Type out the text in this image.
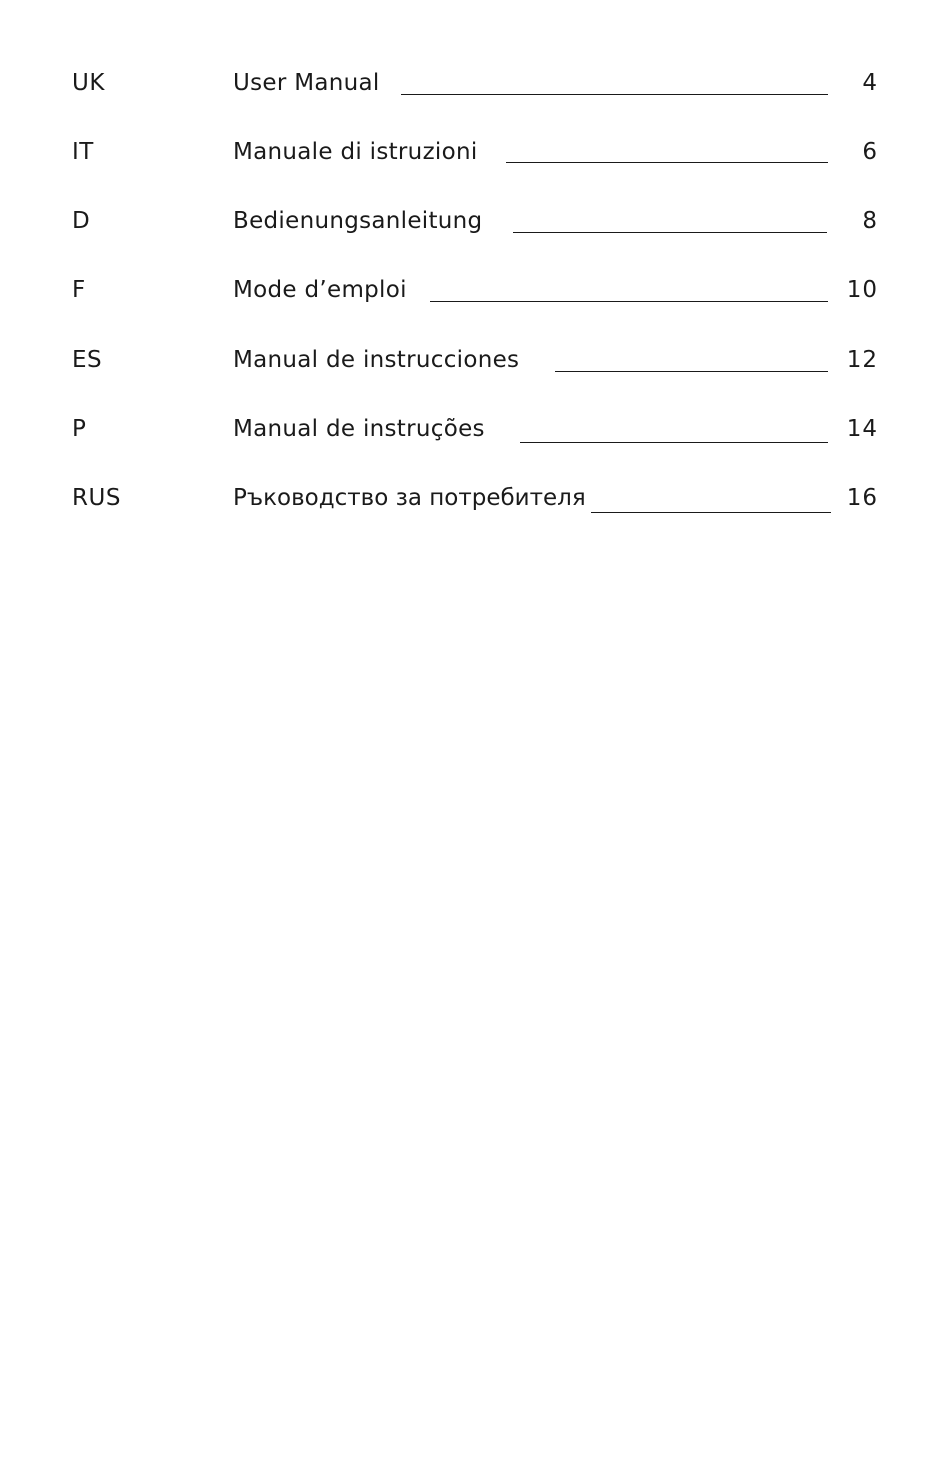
UK	User Manual	4
IT	Manuale di istruzioni	6
D	Bedienungsanleitung	8
F	Mode d’emploi	10
ES	Manual de instrucciones	12
P	Manual de instruções	14
RUS	Ръководство за потребителя	16
